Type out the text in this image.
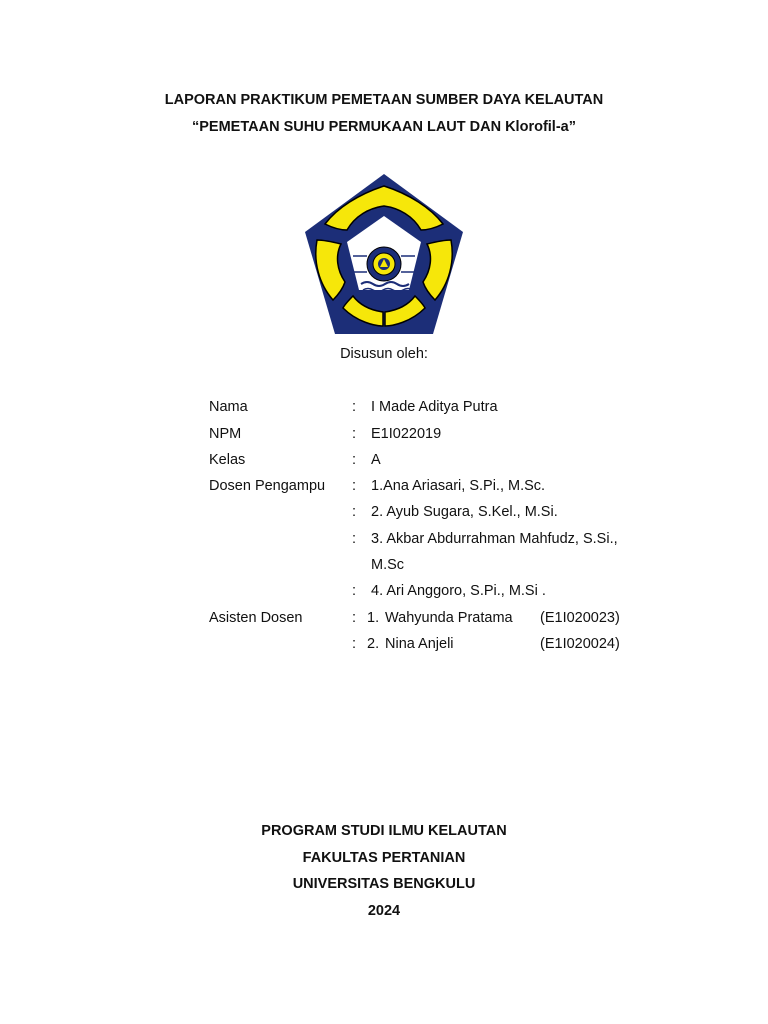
LAPORAN PRAKTIKUM PEMETAAN SUMBER DAYA KELAUTAN
“PEMETAAN SUHU PERMUKAAN LAUT DAN Klorofil-a”
Disusun oleh:
Nama	: I Made Aditya Putra
NPM	: E1I022019
Kelas	: A
Dosen Pengampu : 1.Ana Ariasari, S.Pi., M.Sc.
: 2. Ayub Sugara, S.Kel., M.Si.
: 3. Akbar Abdurrahman Mahfudz, S.Si.,
M.Sc
: 4. Ari Anggoro, S.Pi., M.Si .
Asisten Dosen	: 1. Wahyunda Pratama (E1I020023)
: 2. Nina Anjeli	(E1I020024)
PROGRAM STUDI ILMU KELAUTAN
FAKULTAS PERTANIAN
UNIVERSITAS BENGKULU
2024
